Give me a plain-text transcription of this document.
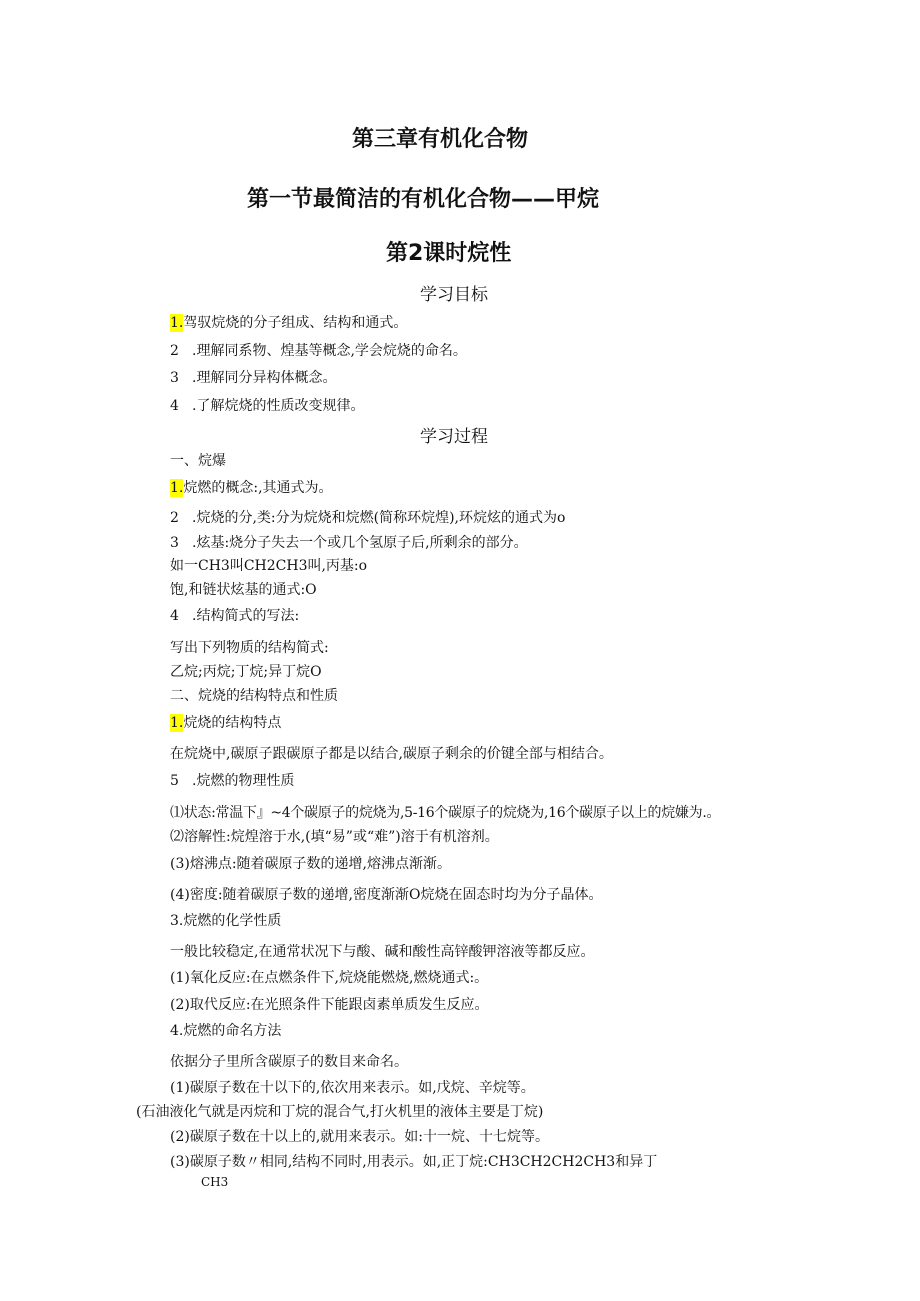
第三章有机化合物
第一节最简洁的有机化合物——甲烷
第2课时烷性
学习目标
1.驾驭烷烧的分子组成、结构和通式。
2 .理解同系物、煌基等概念,学会烷烧的命名。
3 .理解同分异构体概念。
4 .了解烷烧的性质改变规律。
学习过程
一、烷爆
1.烷燃的概念:,其通式为。
2 .烷烧的分,类:分为烷烧和烷燃(简称环烷煌),环烷炫的通式为o
3 .炫基:烧分子失去一个或几个氢原子后,所剩余的部分。
如一CH3叫CH2CH3叫,丙基:o
饱,和链状炫基的通式:O
4 .结构简式的写法:
写出下列物质的结构简式:
乙烷;丙烷;丁烷;异丁烷O
二、烷烧的结构特点和性质
1.烷烧的结构特点
在烷烧中,碳原子跟碳原子都是以结合,碳原子剩余的价键全部与相结合。
5 .烷燃的物理性质
⑴状态:常温下』~4个碳原子的烷烧为,5-16个碳原子的烷烧为,16个碳原子以上的烷嫌为.。
⑵溶解性:烷煌溶于水,(填“易”或“难”)溶于有机溶剂。
(3)熔沸点:随着碳原子数的递增,熔沸点渐渐。
(4)密度:随着碳原子数的递增,密度渐渐O烷烧在固态时均为分子晶体。
3.烷燃的化学性质
一般比较稳定,在通常状况下与酸、碱和酸性高锌酸钾溶液等都反应。
(1)氧化反应:在点燃条件下,烷烧能燃烧,燃烧通式:。
(2)取代反应:在光照条件下能跟卤素单质发生反应。
4.烷燃的命名方法
依据分子里所含碳原子的数目来命名。
(1)碳原子数在十以下的,依次用来表示。如,戊烷、辛烷等。
(石油液化气就是丙烷和丁烷的混合气,打火机里的液体主要是丁烷)
(2)碳原子数在十以上的,就用来表示。如:十一烷、十七烷等。
(3)碳原子数〃相同,结构不同时,用表示。如,正丁烷:CH3CH2CH2CH3和异丁
CH3
